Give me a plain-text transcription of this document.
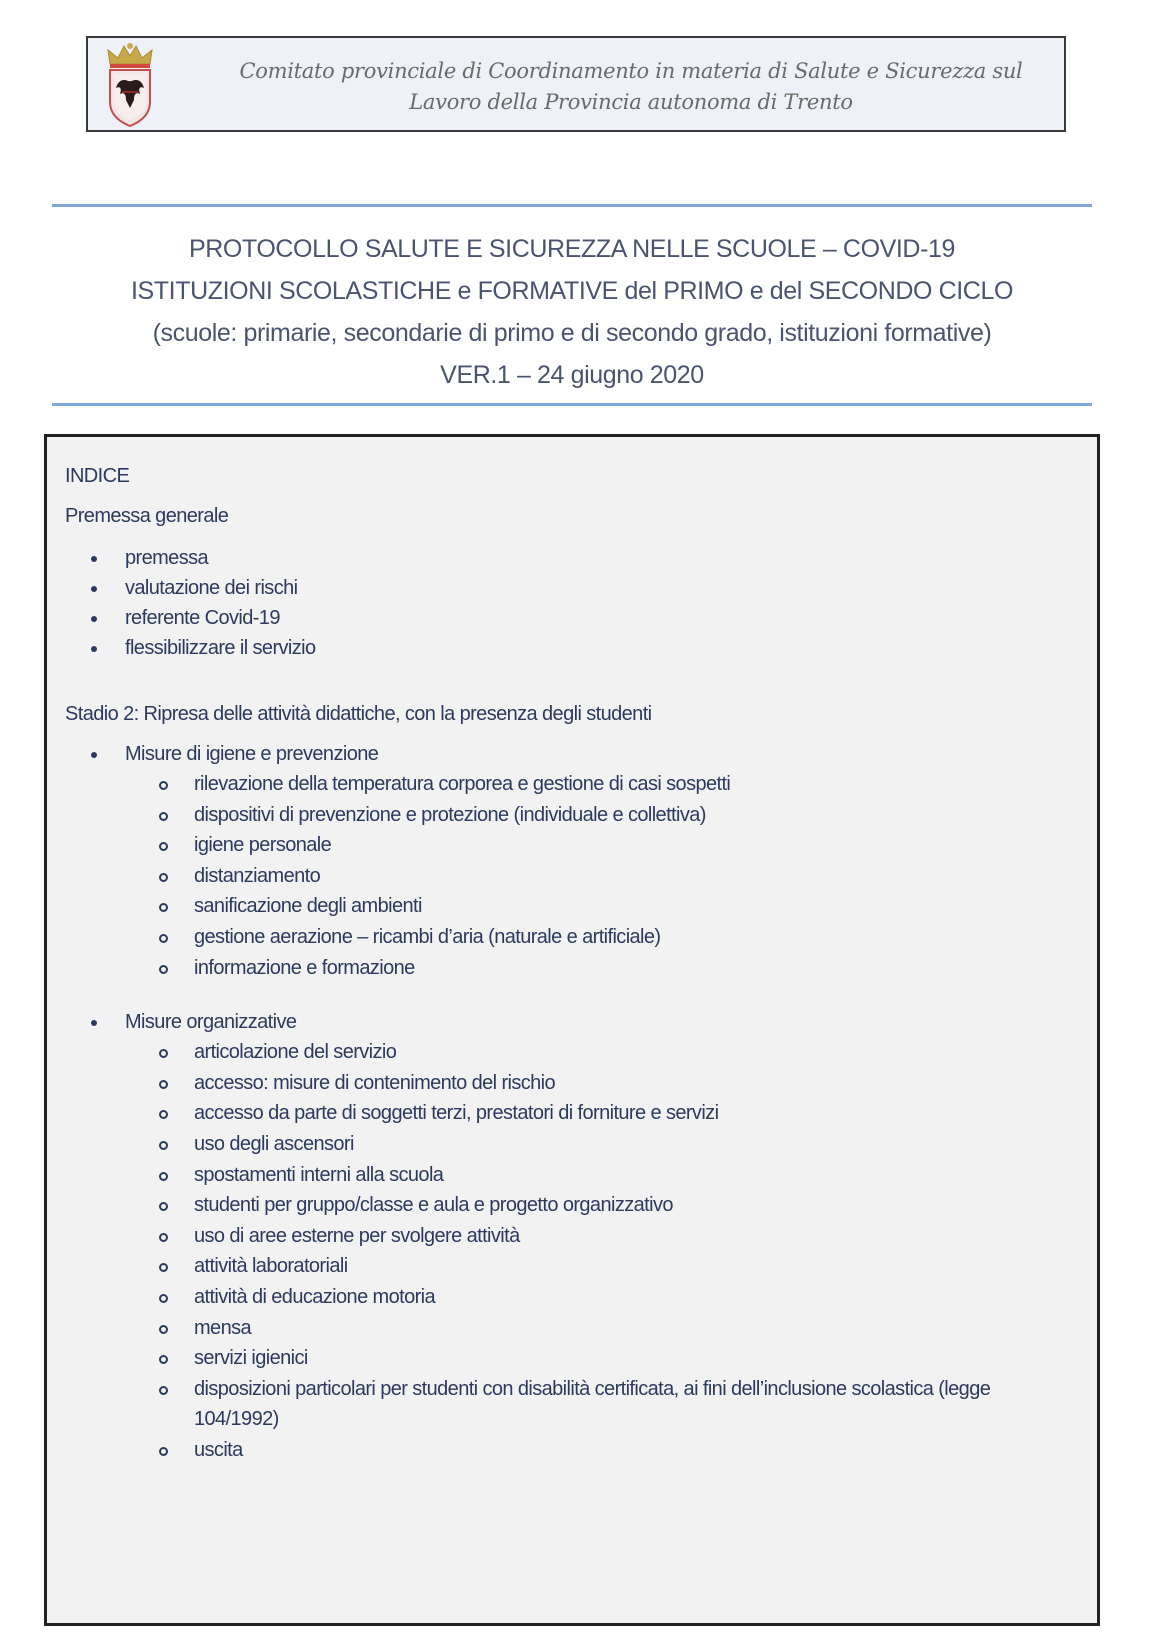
Comitato provinciale di Coordinamento in materia di Salute e Sicurezza sul
Lavoro della Provincia autonoma di Trento
PROTOCOLLO SALUTE E SICUREZZA NELLE SCUOLE – COVID-19
ISTITUZIONI SCOLASTICHE e FORMATIVE del PRIMO e del SECONDO CICLO
(scuole: primarie, secondarie di primo e di secondo grado, istituzioni formative)
VER.1 – 24 giugno 2020

INDICE

Premessa generale

premessa
valutazione dei rischi
referente Covid-19
flessibilizzare il servizio

Stadio 2: Ripresa delle attività didattiche, con la presenza degli studenti

Misure di igiene e prevenzione
rilevazione della temperatura corporea e gestione di casi sospetti
dispositivi di prevenzione e protezione (individuale e collettiva)
igiene personale
distanziamento
sanificazione degli ambienti
gestione aerazione – ricambi d’aria (naturale e artificiale)
informazione e formazione
Misure organizzative
articolazione del servizio
accesso: misure di contenimento del rischio
accesso da parte di soggetti terzi, prestatori di forniture e servizi
uso degli ascensori
spostamenti interni alla scuola
studenti per gruppo/classe e aula e progetto organizzativo
uso di aree esterne per svolgere attività
attività laboratoriali
attività di educazione motoria
mensa
servizi igienici
disposizioni particolari per studenti con disabilità certificata, ai fini dell’inclusione scolastica (legge 104/1992)
uscita
